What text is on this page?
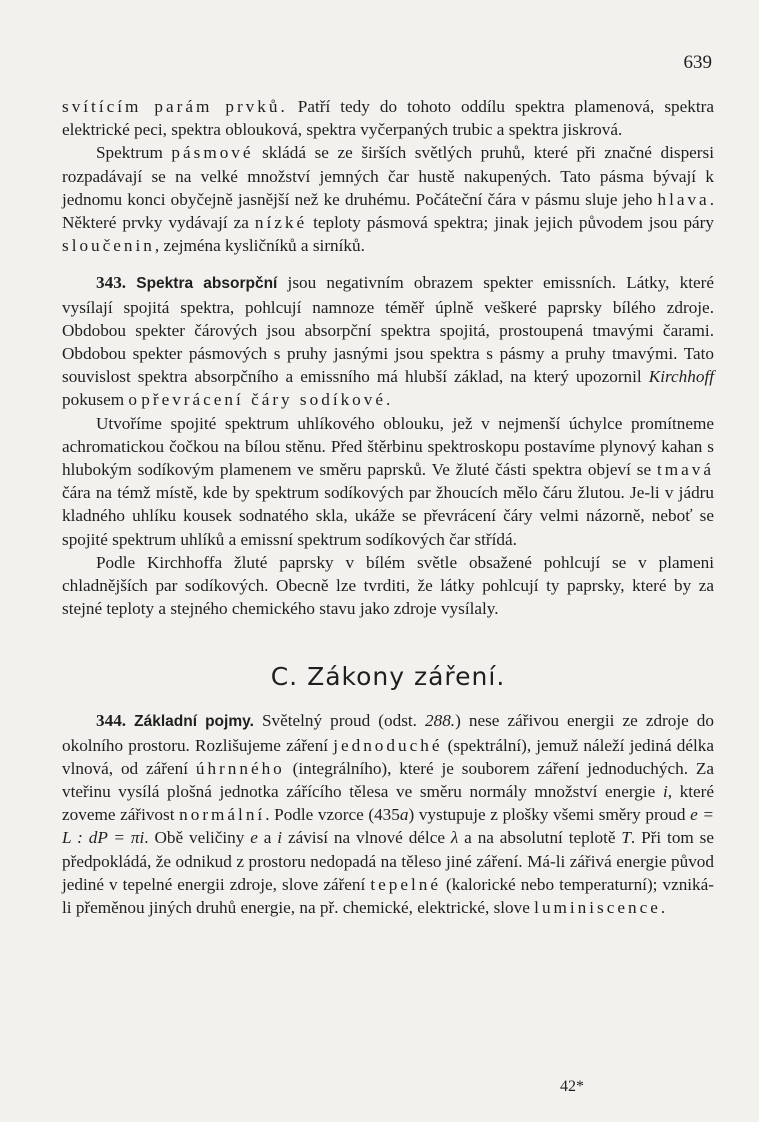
639

svítícím parám prvků. Patří tedy do tohoto oddílu spektra plamenová, spektra elektrické peci, spektra oblouková, spektra vyčerpaných trubic a spektra jiskrová.

Spektrum pásmové skládá se ze širších světlých pruhů, které při značné dispersi rozpadávají se na velké množství jemných čar hustě nakupených. Tato pásma bývají k jednomu konci obyčejně jasnější než ke druhému. Počáteční čára v pásmu sluje jeho hlava. Některé prvky vydávají za nízké teploty pásmová spektra; jinak jejich původem jsou páry sloučenin, zejména kysličníků a sirníků.

343. Spektra absorpční jsou negativním obrazem spekter emissních. Látky, které vysílají spojitá spektra, pohlcují namnoze téměř úplně veškeré paprsky bílého zdroje. Obdobou spekter čárových jsou absorpční spektra spojitá, prostoupená tmavými čarami. Obdobou spekter pásmových s pruhy jasnými jsou spektra s pásmy a pruhy tmavými. Tato souvislost spektra absorpčního a emissního má hlubší základ, na který upozornil Kirchhoff pokusem o převrácení čáry sodíkové.

Utvoříme spojité spektrum uhlíkového oblouku, jež v nejmenší úchylce promítneme achromatickou čočkou na bílou stěnu. Před štěrbinu spektroskopu postavíme plynový kahan s hlubokým sodíkovým plamenem ve směru paprsků. Ve žluté části spektra objeví se tmavá čára na témž místě, kde by spektrum sodíkových par žhoucích mělo čáru žlutou. Je-li v jádru kladného uhlíku kousek sodnatého skla, ukáže se převrácení čáry velmi názorně, neboť se spojité spektrum uhlíků a emissní spektrum sodíkových čar střídá.

Podle Kirchhoffa žluté paprsky v bílém světle obsažené pohlcují se v plameni chladnějších par sodíkových. Obecně lze tvrditi, že látky pohlcují ty paprsky, které by za stejné teploty a stejného chemického stavu jako zdroje vysílaly.

C. Zákony záření.

344. Základní pojmy. Světelný proud (odst. 288.) nese zářivou energii ze zdroje do okolního prostoru. Rozlišujeme záření jednoduché (spektrální), jemuž náleží jediná délka vlnová, od záření úhrnného (integrálního), které je souborem záření jednoduchých. Za vteřinu vysílá plošná jednotka zářícího tělesa ve směru normály množství energie i, které zoveme zářivost normální. Podle vzorce (435a) vystupuje z plošky všemi směry proud e = L : dP = πi. Obě veličiny e a i závisí na vlnové délce λ a na absolutní teplotě T. Při tom se předpokládá, že odnikud z prostoru nedopadá na těleso jiné záření. Má-li zářivá energie původ jediné v tepelné energii zdroje, slove záření tepelné (kalorické nebo temperaturní); vzniká-li přeměnou jiných druhů energie, na př. chemické, elektrické, slove luminiscence.

42*
